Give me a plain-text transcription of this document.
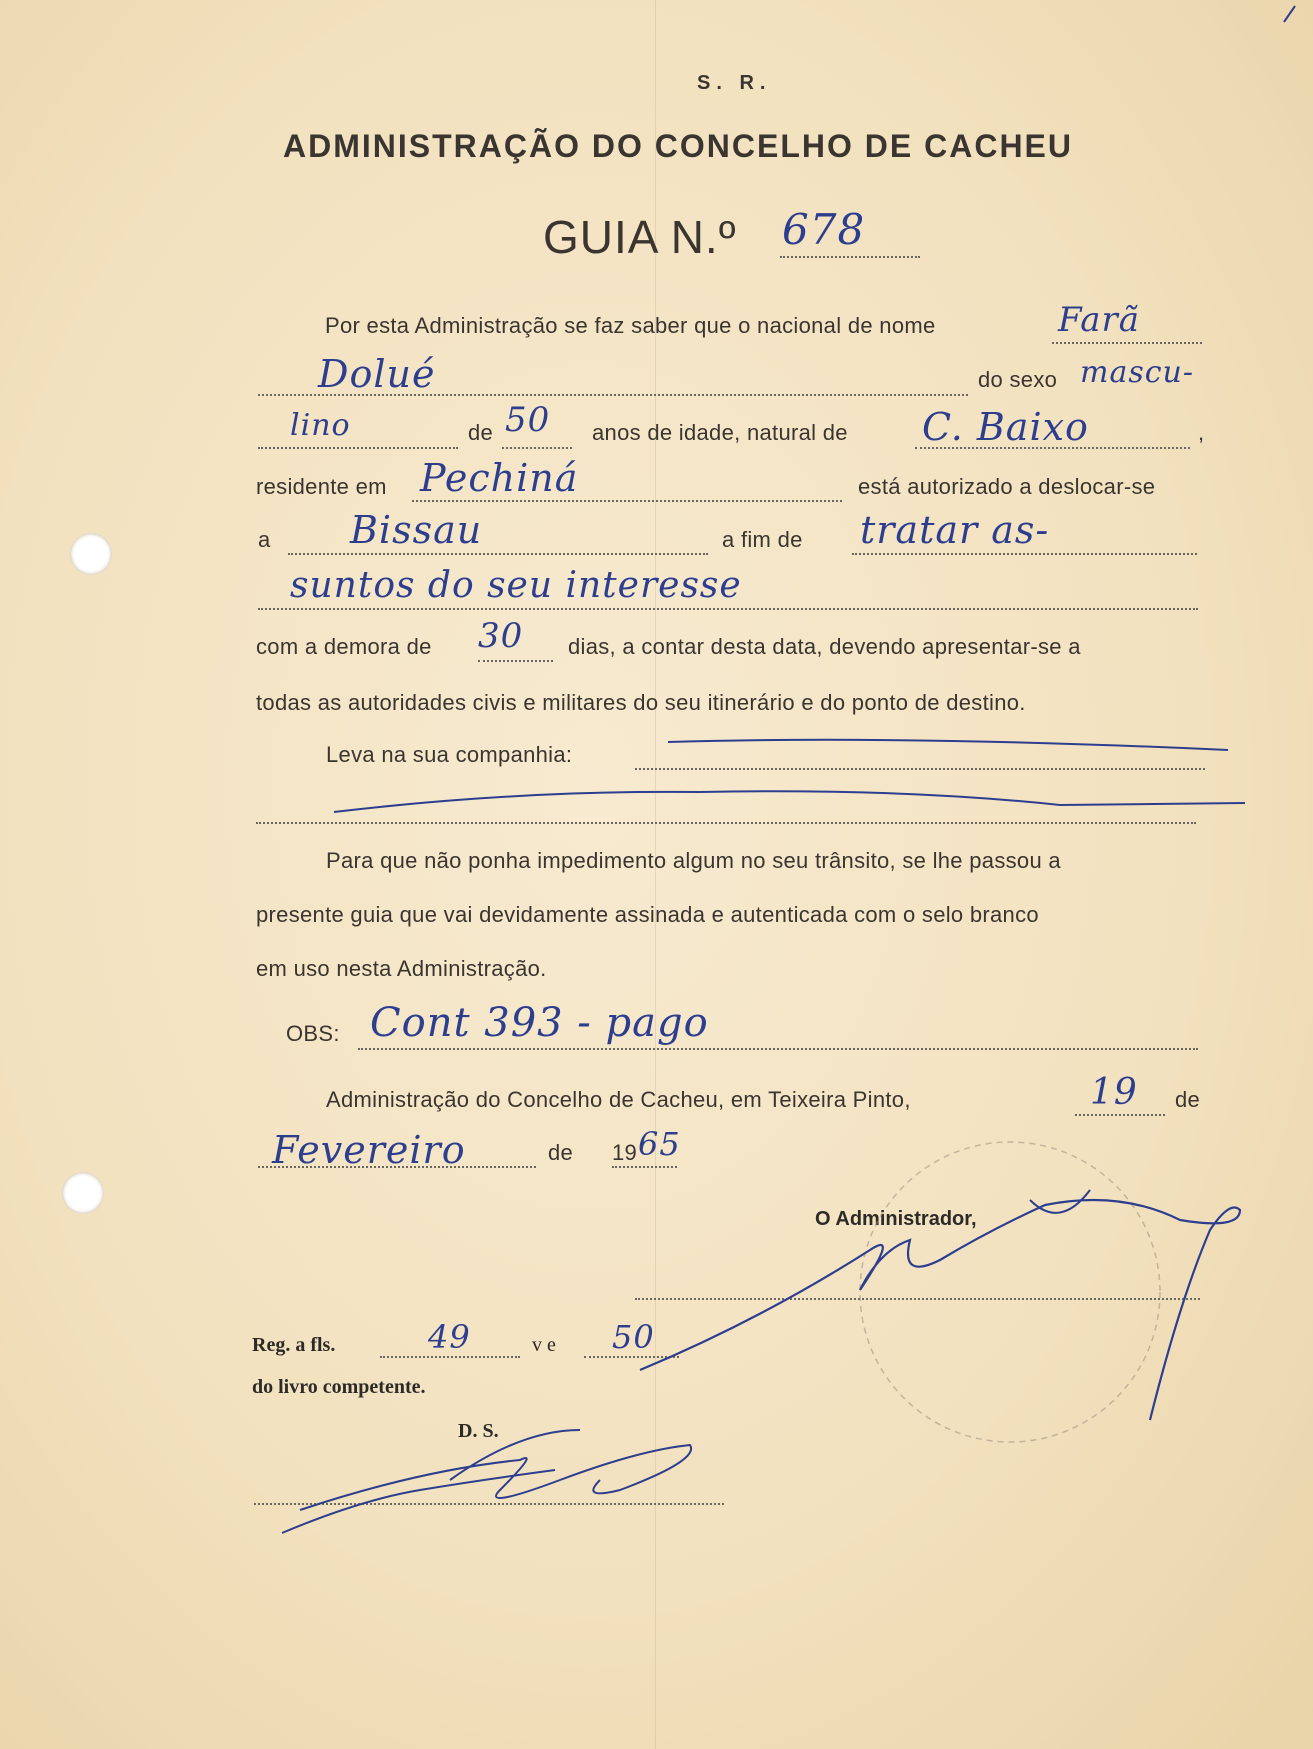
S. R.
ADMINISTRAÇÃO DO CONCELHO DE CACHEU
GUIA N.º 678
Por esta Administração se faz saber que o nacional de nome	Farã
Dolué	do sexo mascu-
lino	de 50 anos de idade, natural de C. Baixo	,
residente em Pechiná	está autorizado a deslocar-se
a Bissau	a fim de tratar as-
suntos do seu interesse
com a demora de 30 dias, a contar desta data, devendo apresentar-se a
todas as autoridades civis e militares do seu itinerário e do ponto de destino.
Leva na sua companhia:
Para que não ponha impedimento algum no seu trânsito, se lhe passou a
presente guia que vai devidamente assinada e autenticada com o selo branco
em uso nesta Administração.
OBS: Cont 393 - pago
Administração do Concelho de Cacheu, em Teixeira Pinto,	19 de
Fevereiro	de 19 65
O Administrador,
Reg. a fls.	49	v e 50
do livro competente.
D. S.
